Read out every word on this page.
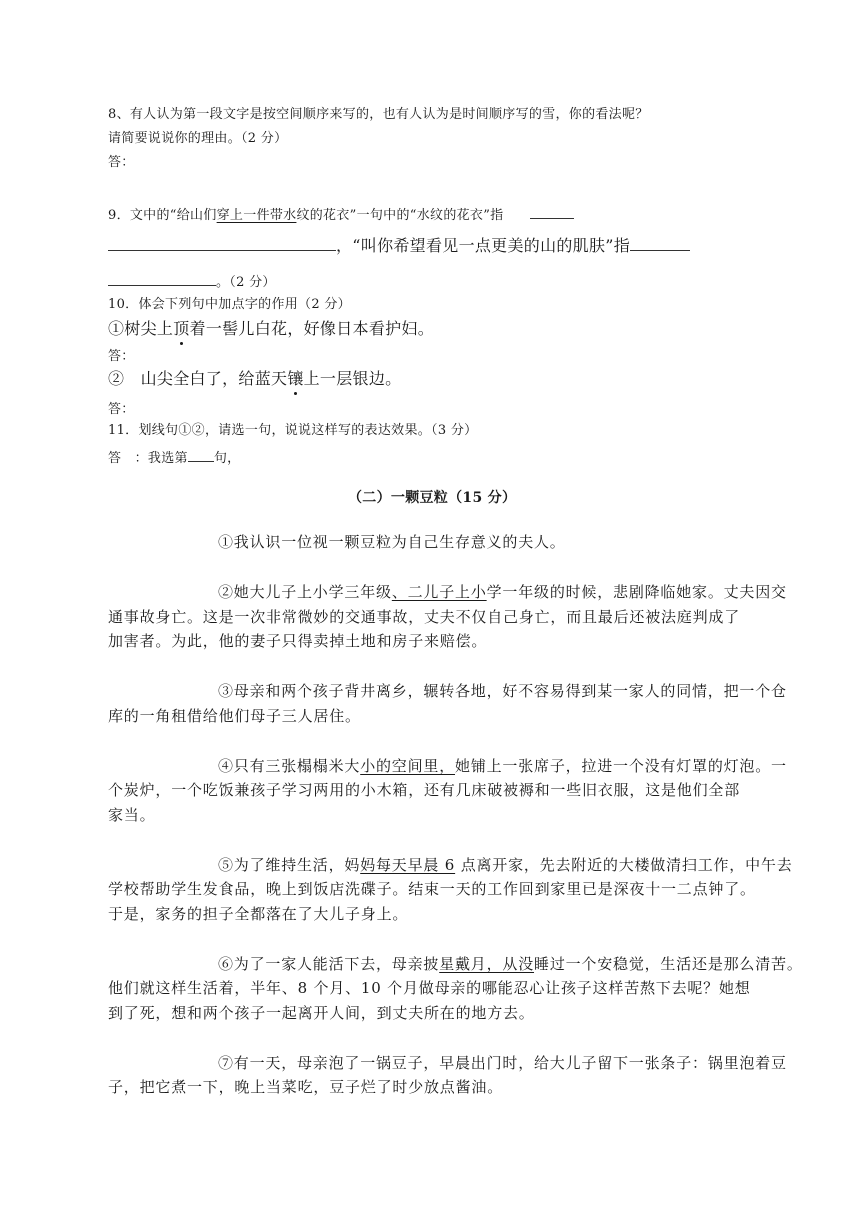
8、有人认为第一段文字是按空间顺序来写的，也有人认为是时间顺序写的雪，你的看法呢？
请简要说说你的理由。（2 分）
答：
9．文中的“给山们穿上一件带水纹的花衣”一句中的“水纹的花衣”指
，“叫你希望看见一点更美的山的肌肤”指
。（2 分）
10．体会下列句中加点字的作用（2 分）
①树尖上顶着一髻儿白花，好像日本看护妇。
答：
②　山尖全白了，给蓝天镶上一层银边。
答：
11．划线句①②，请选一句，说说这样写的表达效果。（3 分）
答　：我选第 句，
（二）一颗豆粒（15 分）
①我认识一位视一颗豆粒为自己生存意义的夫人。
②她大儿子上小学三年级、二儿子上小学一年级的时候，悲剧降临她家。丈夫因交
通事故身亡。这是一次非常微妙的交通事故，丈夫不仅自己身亡，而且最后还被法庭判成了
加害者。为此，他的妻子只得卖掉土地和房子来赔偿。
③母亲和两个孩子背井离乡，辗转各地，好不容易得到某一家人的同情，把一个仓
库的一角租借给他们母子三人居住。
④只有三张榻榻米大小的空间里，她铺上一张席子，拉进一个没有灯罩的灯泡。一
个炭炉，一个吃饭兼孩子学习两用的小木箱，还有几床破被褥和一些旧衣服，这是他们全部
家当。
⑤为了维持生活，妈妈每天早晨 6 点离开家，先去附近的大楼做清扫工作，中午去
学校帮助学生发食品，晚上到饭店洗碟子。结束一天的工作回到家里已是深夜十一二点钟了。
于是，家务的担子全都落在了大儿子身上。
⑥为了一家人能活下去，母亲披星戴月，从没睡过一个安稳觉，生活还是那么清苦。
他们就这样生活着，半年、8 个月、10 个月做母亲的哪能忍心让孩子这样苦熬下去呢？她想
到了死，想和两个孩子一起离开人间，到丈夫所在的地方去。
⑦有一天，母亲泡了一锅豆子，早晨出门时，给大儿子留下一张条子：锅里泡着豆
子，把它煮一下，晚上当菜吃，豆子烂了时少放点酱油。
